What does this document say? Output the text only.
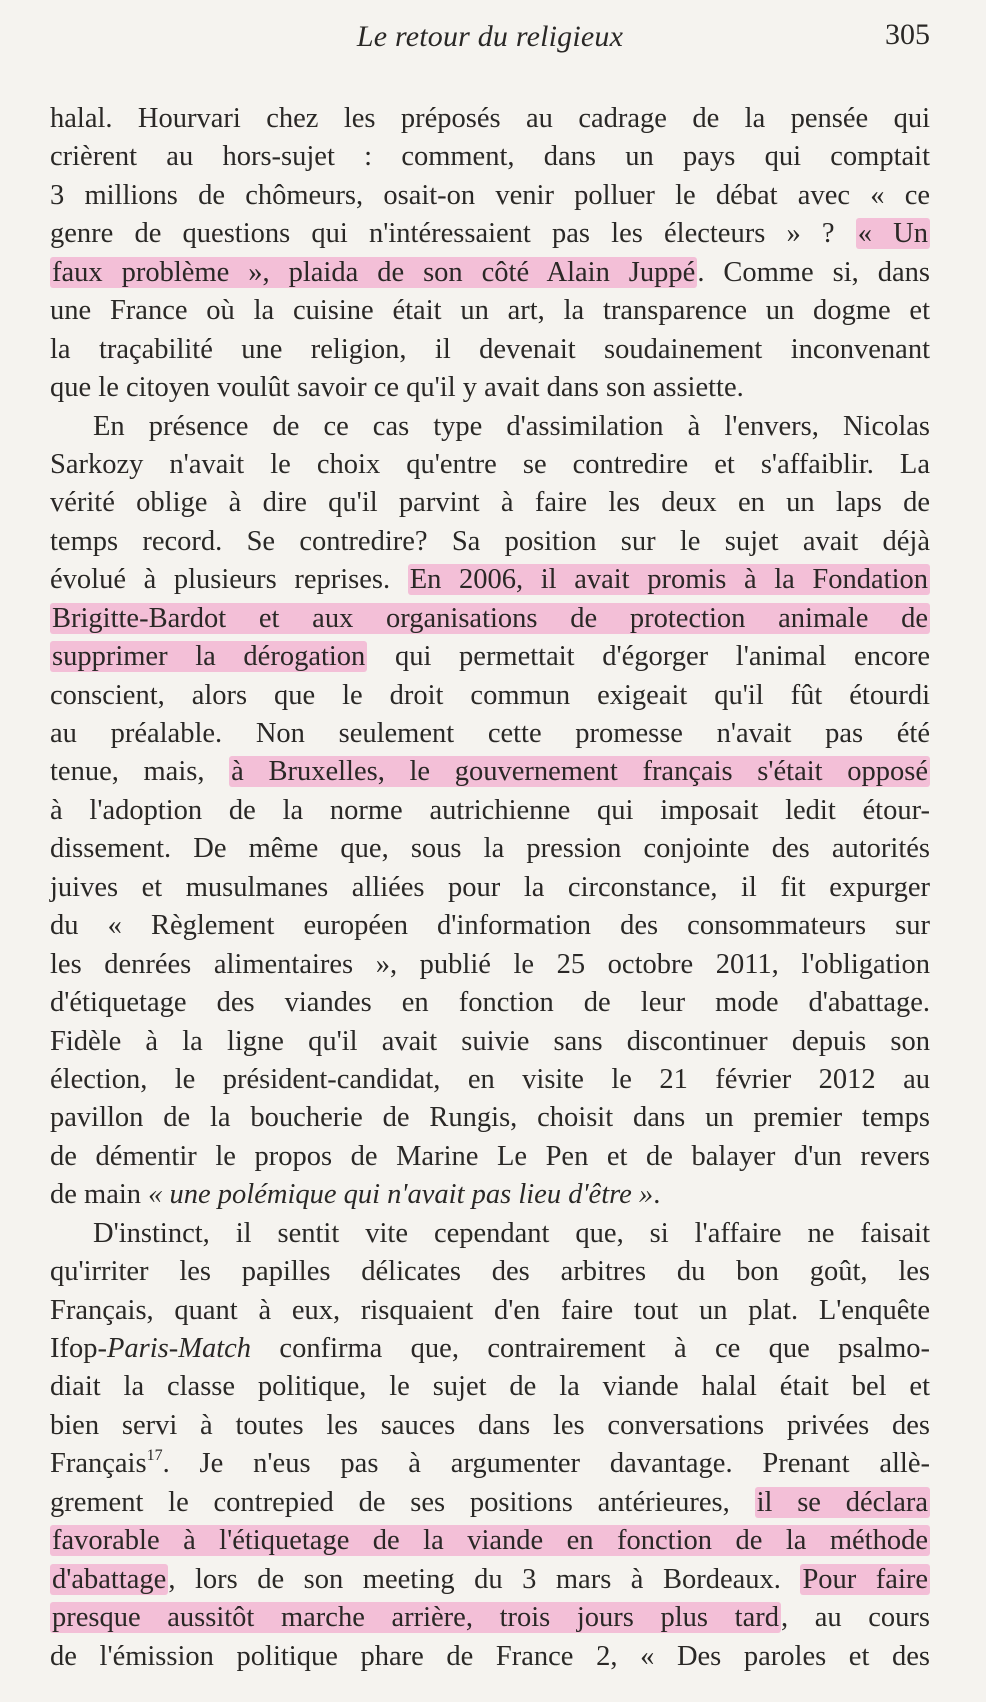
Le retour du religieux	305
halal. Hourvari chez les préposés au cadrage de la pensée qui
crièrent au hors-sujet : comment, dans un pays qui comptait
3 millions de chômeurs, osait-on venir polluer le débat avec « ce
genre de questions qui n'intéressaient pas les électeurs » ? « Un
faux problème », plaida de son côté Alain Juppé. Comme si, dans
une France où la cuisine était un art, la transparence un dogme et
la traçabilité une religion, il devenait soudainement inconvenant
que le citoyen voulût savoir ce qu'il y avait dans son assiette.
En présence de ce cas type d'assimilation à l'envers, Nicolas
Sarkozy n'avait le choix qu'entre se contredire et s'affaiblir. La
vérité oblige à dire qu'il parvint à faire les deux en un laps de
temps record. Se contredire? Sa position sur le sujet avait déjà
évolué à plusieurs reprises. En 2006, il avait promis à la Fondation
Brigitte-Bardot et aux organisations de protection animale de
supprimer la dérogation qui permettait d'égorger l'animal encore
conscient, alors que le droit commun exigeait qu'il fût étourdi
au préalable. Non seulement cette promesse n'avait pas été
tenue, mais, à Bruxelles, le gouvernement français s'était opposé
à l'adoption de la norme autrichienne qui imposait ledit étour-
dissement. De même que, sous la pression conjointe des autorités
juives et musulmanes alliées pour la circonstance, il fit expurger
du « Règlement européen d'information des consommateurs sur
les denrées alimentaires », publié le 25 octobre 2011, l'obligation
d'étiquetage des viandes en fonction de leur mode d'abattage.
Fidèle à la ligne qu'il avait suivie sans discontinuer depuis son
élection, le président-candidat, en visite le 21 février 2012 au
pavillon de la boucherie de Rungis, choisit dans un premier temps
de démentir le propos de Marine Le Pen et de balayer d'un revers
de main « une polémique qui n'avait pas lieu d'être ».
D'instinct, il sentit vite cependant que, si l'affaire ne faisait
qu'irriter les papilles délicates des arbitres du bon goût, les
Français, quant à eux, risquaient d'en faire tout un plat. L'enquête
Ifop-Paris-Match confirma que, contrairement à ce que psalmo-
diait la classe politique, le sujet de la viande halal était bel et
bien servi à toutes les sauces dans les conversations privées des
Français$^{17}$. Je n'eus pas à argumenter davantage. Prenant allè-
grement le contrepied de ses positions antérieures, il se déclara
favorable à l'étiquetage de la viande en fonction de la méthode
d'abattage, lors de son meeting du 3 mars à Bordeaux. Pour faire
presque aussitôt marche arrière, trois jours plus tard, au cours
de l'émission politique phare de France 2, « Des paroles et des
